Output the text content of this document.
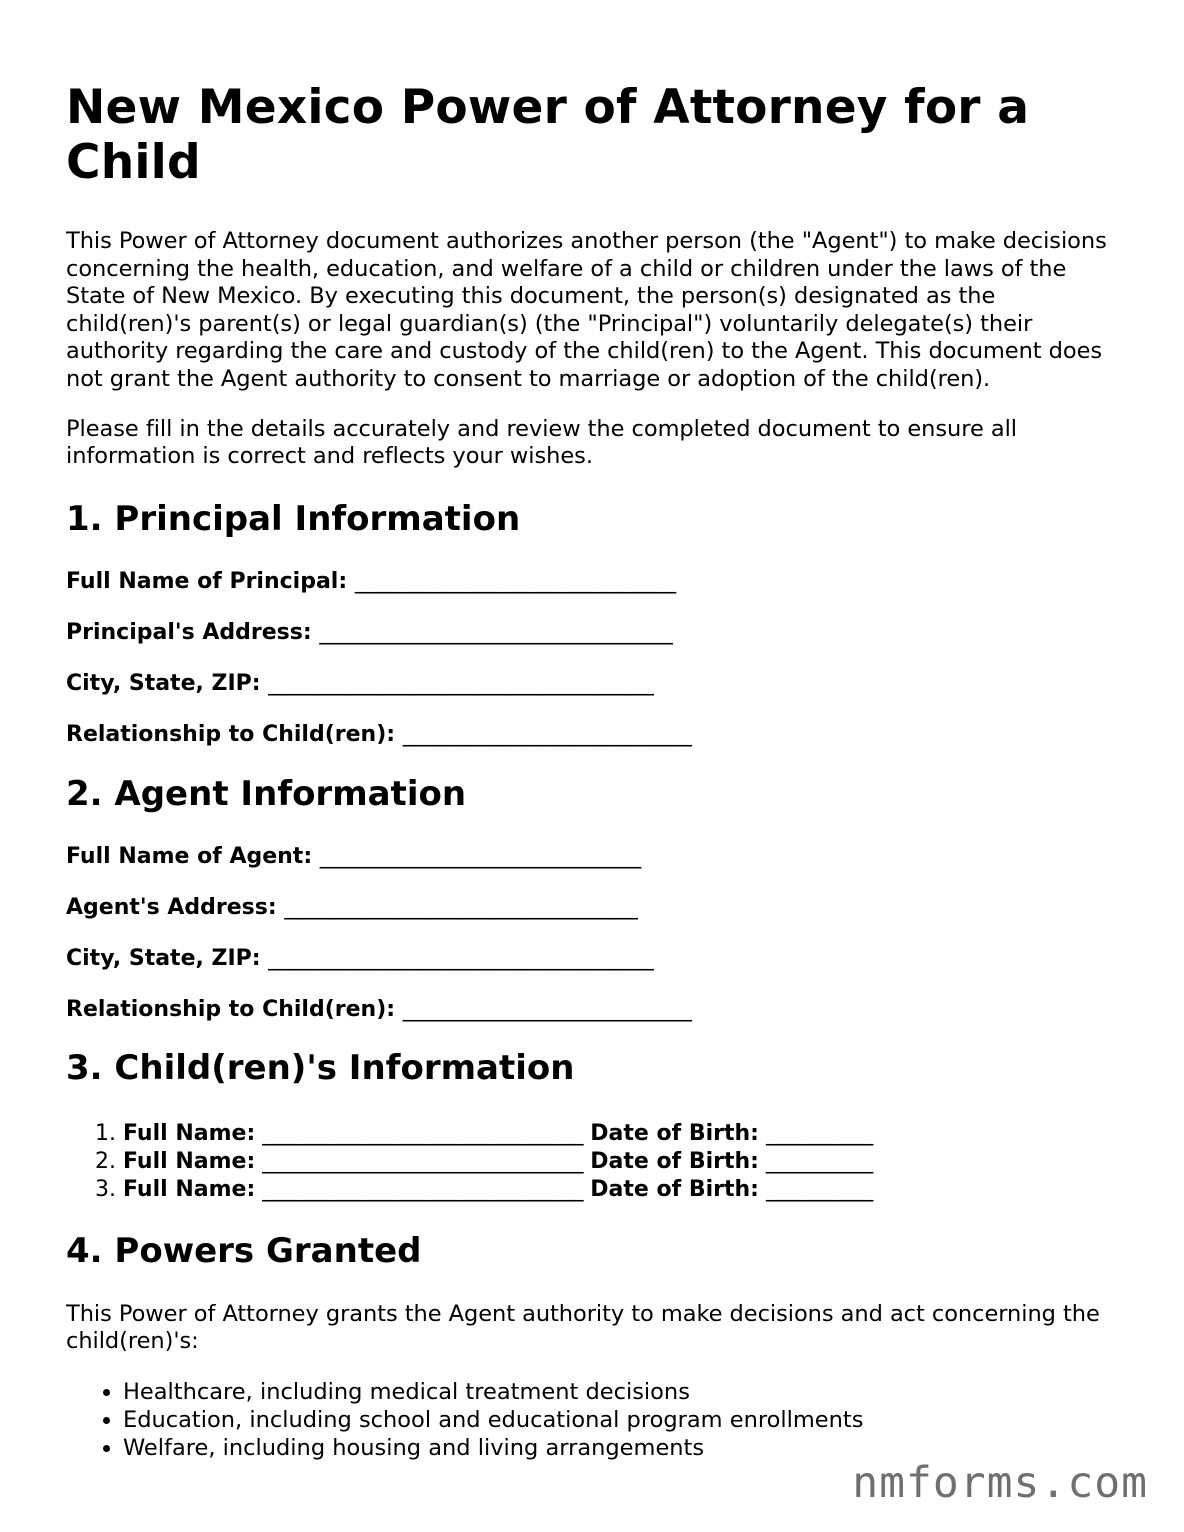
New Mexico Power of Attorney for a Child

This Power of Attorney document authorizes another person (the "Agent") to make decisions concerning the health, education, and welfare of a child or children under the laws of the State of New Mexico. By executing this document, the person(s) designated as the child(ren)'s parent(s) or legal guardian(s) (the "Principal") voluntarily delegate(s) their authority regarding the care and custody of the child(ren) to the Agent. This document does not grant the Agent authority to consent to marriage or adoption of the child(ren).

Please fill in the details accurately and review the completed document to ensure all information is correct and reflects your wishes.

1. Principal Information

Full Name of Principal: ______________________________

Principal's Address: _________________________________

City, State, ZIP: ____________________________________

Relationship to Child(ren): ___________________________

2. Agent Information

Full Name of Agent: ______________________________

Agent's Address: _________________________________

City, State, ZIP: ____________________________________

Relationship to Child(ren): ___________________________

3. Child(ren)'s Information
1. Full Name: ______________________________ Date of Birth: __________
2. Full Name: ______________________________ Date of Birth: __________
3. Full Name: ______________________________ Date of Birth: __________
4. Powers Granted

This Power of Attorney grants the Agent authority to make decisions and act concerning the child(ren)'s:

• Healthcare, including medical treatment decisions
• Education, including school and educational program enrollments
• Welfare, including housing and living arrangements
nmforms.com
